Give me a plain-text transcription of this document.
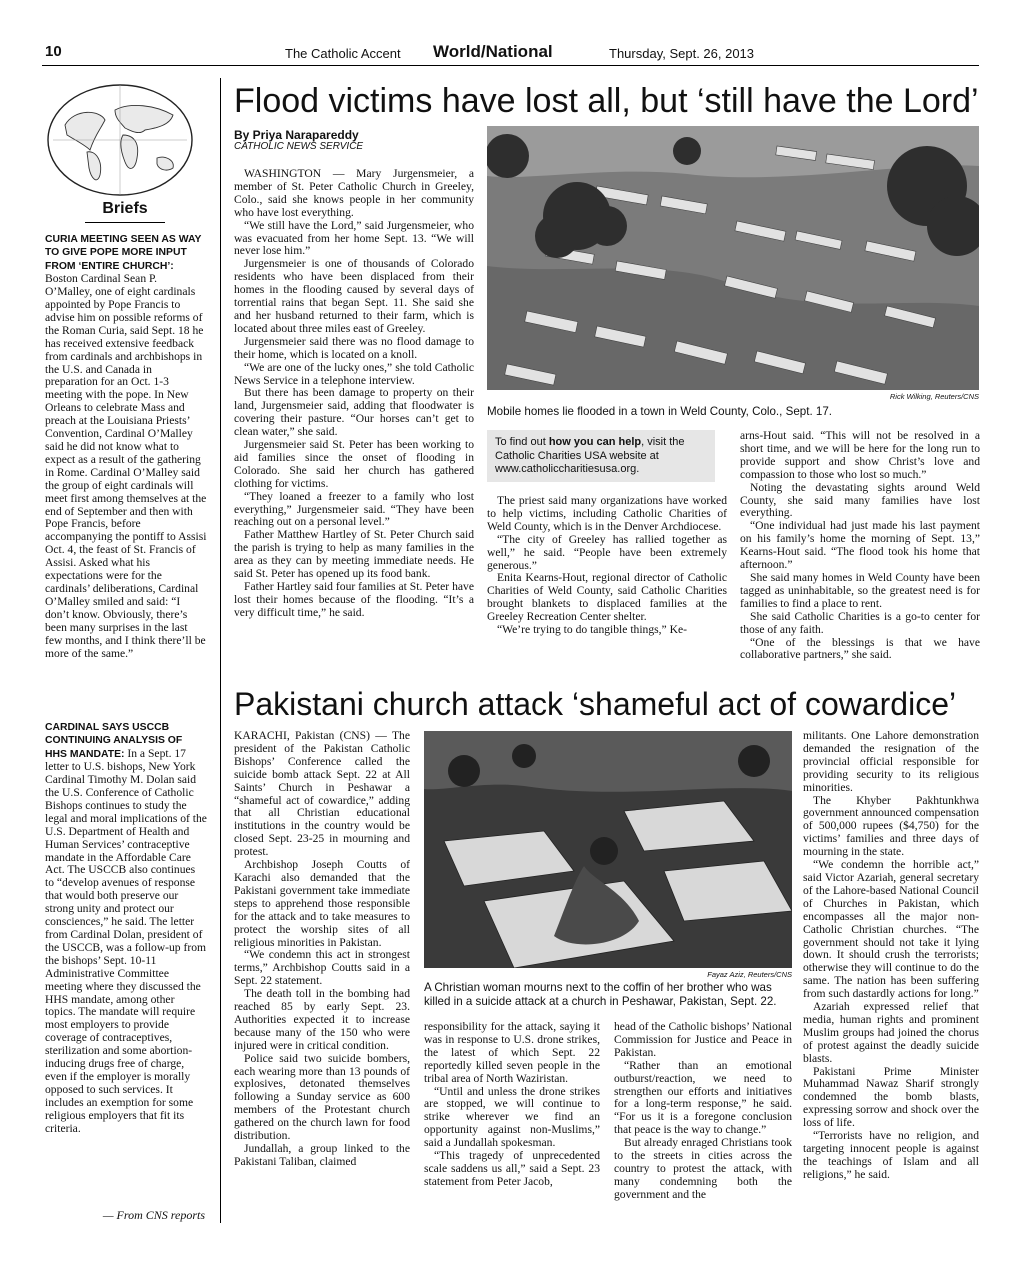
10	The Catholic Accent World/National	Thursday, Sept. 26, 2013
Briefs

CURIA MEETING SEEN AS WAY TO GIVE POPE MORE INPUT FROM ‘ENTIRE CHURCH’: Boston Cardinal Sean P. O’Malley, one of eight cardinals appointed by Pope Francis to advise him on possible reforms of the Roman Curia, said Sept. 18 he has received extensive feedback from cardinals and archbishops in the U.S. and Canada in preparation for an Oct. 1-3 meeting with the pope. In New Orleans to celebrate Mass and preach at the Louisiana Priests’ Convention, Cardinal O’Malley said he did not know what to expect as a result of the gathering in Rome. Cardinal O’Malley said the group of eight cardinals will meet first among themselves at the end of September and then with Pope Francis, before accompanying the pontiff to Assisi Oct. 4, the feast of St. Francis of Assisi. Asked what his expectations were for the cardinals’ deliberations, Cardinal O’Malley smiled and said: “I don’t know. Obviously, there’s been many surprises in the last few months, and I think there’ll be more of the same.”

CARDINAL SAYS USCCB CONTINUING ANALYSIS OF HHS MANDATE: In a Sept. 17 letter to U.S. bishops, New York Cardinal Timothy M. Dolan said the U.S. Conference of Catholic Bishops continues to study the legal and moral implications of the U.S. Department of Health and Human Services’ contraceptive mandate in the Affordable Care Act. The USCCB also continues to “develop avenues of response that would both preserve our strong unity and protect our consciences,” he said. The letter from Cardinal Dolan, president of the USCCB, was a follow-up from the bishops’ Sept. 10-11 Administrative Committee meeting where they discussed the HHS mandate, among other topics. The mandate will require most employers to provide coverage of contraceptives, sterilization and some abortion-inducing drugs free of charge, even if the employer is morally opposed to such services. It includes an exemption for some religious employers that fit its criteria.

— From CNS reports
Flood victims have lost all, but ‘still have the Lord’
By Priya Narapareddy
CATHOLIC NEWS SERVICE

WASHINGTON — Mary Jurgensmeier, a member of St. Peter Catholic Church in Greeley, Colo., said she knows people in her community who have lost everything.

“We still have the Lord,” said Jurgensmeier, who was evacuated from her home Sept. 13. “We will never lose him.”

Jurgensmeier is one of thousands of Colorado residents who have been displaced from their homes in the flooding caused by several days of torrential rains that began Sept. 11. She said she and her husband returned to their farm, which is located about three miles east of Greeley.

Jurgensmeier said there was no flood damage to their home, which is located on a knoll.

“We are one of the lucky ones,” she told Catholic News Service in a telephone interview.

But there has been damage to property on their land, Jurgensmeier said, adding that floodwater is covering their pasture. “Our horses can’t get to clean water,” she said.

Jurgensmeier said St. Peter has been working to aid families since the onset of flooding in Colorado. She said her church has gathered clothing for victims.

“They loaned a freezer to a family who lost everything,” Jurgensmeier said. “They have been reaching out on a personal level.”

Father Matthew Hartley of St. Peter Church said the parish is trying to help as many families in the area as they can by meeting immediate needs. He said St. Peter has opened up its food bank.

Father Hartley said four families at St. Peter have lost their homes because of the flooding. “It’s a very difficult time,” he said.

Rick Wilking, Reuters/CNS
Mobile homes lie flooded in a town in Weld County, Colo., Sept. 17.
To find out how you can help, visit the Catholic Charities USA website at www.catholiccharitiesusa.org.

The priest said many organizations have worked to help victims, including Catholic Charities of Weld County, which is in the Denver Archdiocese.

“The city of Greeley has rallied together as well,” he said. “People have been extremely generous.”

Enita Kearns-Hout, regional director of Catholic Charities of Weld County, said Catholic Charities brought blankets to displaced families at the Greeley Recreation Center shelter.

“We’re trying to do tangible things,” Ke-

arns-Hout said. “This will not be resolved in a short time, and we will be here for the long run to provide support and show Christ’s love and compassion to those who lost so much.”

Noting the devastating sights around Weld County, she said many families have lost everything.

“One individual had just made his last payment on his family’s home the morning of Sept. 13,” Kearns-Hout said. “The flood took his home that afternoon.”

She said many homes in Weld County have been tagged as uninhabitable, so the greatest need is for families to find a place to rent.

She said Catholic Charities is a go-to center for those of any faith.

“One of the blessings is that we have collaborative partners,” she said.

Pakistani church attack ‘shameful act of cowardice’

KARACHI, Pakistan (CNS) — The president of the Pakistan Catholic Bishops’ Conference called the suicide bomb attack Sept. 22 at All Saints’ Church in Peshawar a “shameful act of cowardice,” adding that all Christian educational institutions in the country would be closed Sept. 23-25 in mourning and protest.

Archbishop Joseph Coutts of Karachi also demanded that the Pakistani government take immediate steps to apprehend those responsible for the attack and to take measures to protect the worship sites of all religious minorities in Pakistan.

“We condemn this act in strongest terms,” Archbishop Coutts said in a Sept. 22 statement.

The death toll in the bombing had reached 85 by early Sept. 23. Authorities expected it to increase because many of the 150 who were injured were in critical condition.

Police said two suicide bombers, each wearing more than 13 pounds of explosives, detonated themselves following a Sunday service as 600 members of the Protestant church gathered on the church lawn for food distribution.

Jundallah, a group linked to the Pakistani Taliban, claimed

Fayaz Aziz, Reuters/CNS
A Christian woman mourns next to the coffin of her brother who was killed in a suicide attack at a church in Peshawar, Pakistan, Sept. 22.

responsibility for the attack, saying it was in response to U.S. drone strikes, the latest of which Sept. 22 reportedly killed seven people in the tribal area of North Waziristan.

“Until and unless the drone strikes are stopped, we will continue to strike wherever we find an opportunity against non-Muslims,” said a Jundallah spokesman.

“This tragedy of unprecedented scale saddens us all,” said a Sept. 23 statement from Peter Jacob,

head of the Catholic bishops’ National Commission for Justice and Peace in Pakistan.

“Rather than an emotional outburst/reaction, we need to strengthen our efforts and initiatives for a long-term response,” he said. “For us it is a foregone conclusion that peace is the way to change.”

But already enraged Christians took to the streets in cities across the country to protest the attack, with many condemning both the government and the

militants. One Lahore demonstration demanded the resignation of the provincial official responsible for providing security to its religious minorities.

The Khyber Pakhtunkhwa government announced compensation of 500,000 rupees ($4,750) for the victims’ families and three days of mourning in the state.

“We condemn the horrible act,” said Victor Azariah, general secretary of the Lahore-based National Council of Churches in Pakistan, which encompasses all the major non-Catholic Christian churches. “The government should not take it lying down. It should crush the terrorists; otherwise they will continue to do the same. The nation has been suffering from such dastardly actions for long.”

Azariah expressed relief that media, human rights and prominent Muslim groups had joined the chorus of protest against the deadly suicide blasts.

Pakistani Prime Minister Muhammad Nawaz Sharif strongly condemned the bomb blasts, expressing sorrow and shock over the loss of life.

“Terrorists have no religion, and targeting innocent people is against the teachings of Islam and all religions,” he said.
